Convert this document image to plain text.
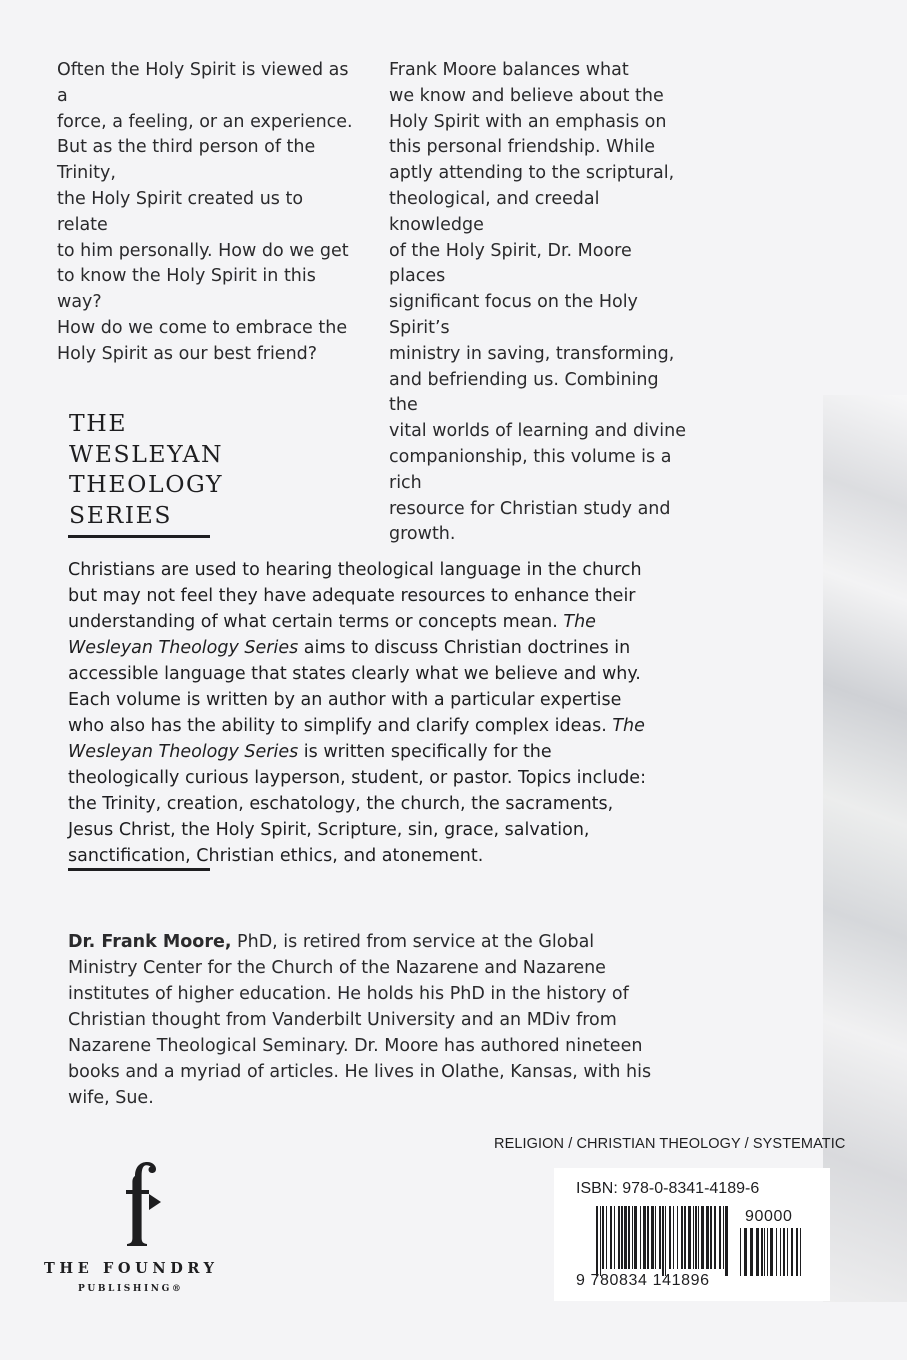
Often the Holy Spirit is viewed as a
force, a feeling, or an experience.
But as the third person of the Trinity,
the Holy Spirit created us to relate
to him personally. How do we get
to know the Holy Spirit in this way?
How do we come to embrace the
Holy Spirit as our best friend?
Frank Moore balances what
we know and believe about the
Holy Spirit with an emphasis on
this personal friendship. While
aptly attending to the scriptural,
theological, and creedal knowledge
of the Holy Spirit, Dr. Moore places
significant focus on the Holy Spirit’s
ministry in saving, transforming,
and befriending us. Combining the
vital worlds of learning and divine
companionship, this volume is a rich
resource for Christian study and
growth.
THE
WESLEYAN
THEOLOGY
SERIES
Christians are used to hearing theological language in the church but may not feel they have adequate resources to enhance their understanding of what certain terms or concepts mean. The Wesleyan Theology Series aims to discuss Christian doctrines in accessible language that states clearly what we believe and why. Each volume is written by an author with a particular expertise who also has the ability to simplify and clarify complex ideas. The Wesleyan Theology Series is written specifically for the theologically curious layperson, student, or pastor. Topics include: the Trinity, creation, eschatology, the church, the sacraments, Jesus Christ, the Holy Spirit, Scripture, sin, grace, salvation, sanctification, Christian ethics, and atonement.
Dr. Frank Moore, PhD, is retired from service at the Global Ministry Center for the Church of the Nazarene and Nazarene institutes of higher education. He holds his PhD in the history of Christian thought from Vanderbilt University and an MDiv from Nazarene Theological Seminary. Dr. Moore has authored nineteen books and a myriad of articles. He lives in Olathe, Kansas, with his wife, Sue.
RELIGION / CHRISTIAN THEOLOGY / SYSTEMATIC
ISBN: 978-0-8341-4189-6
90000
9 780834 141896
THE FOUNDRY
PUBLISHING®
